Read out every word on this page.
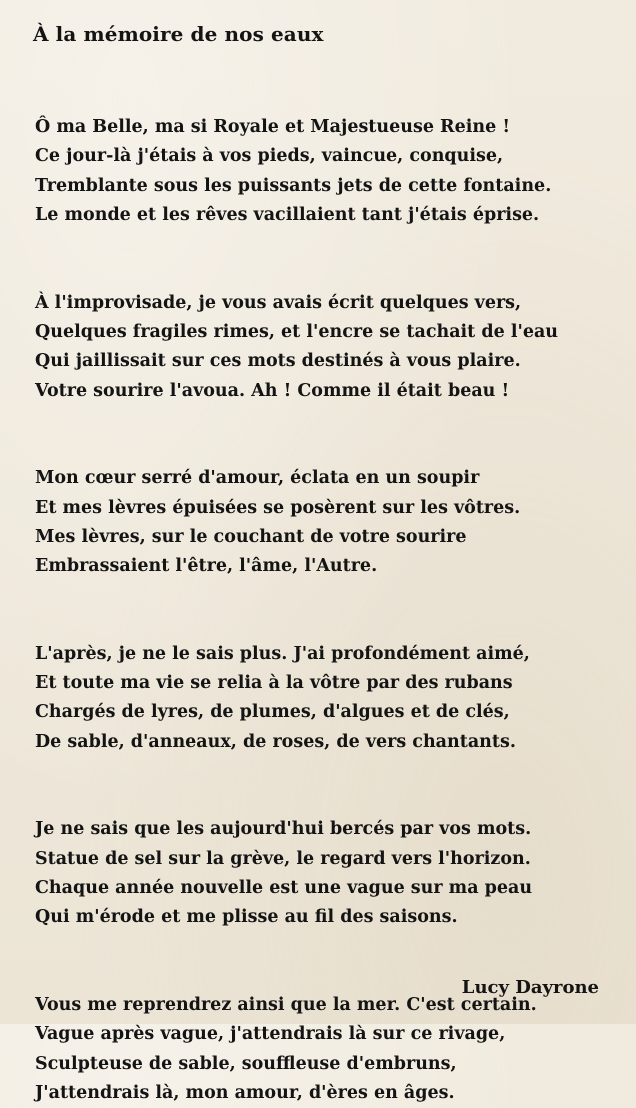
À la mémoire de nos eaux
Ô ma Belle, ma si Royale et Majestueuse Reine !
Ce jour-là j'étais à vos pieds, vaincue, conquise,
Tremblante sous les puissants jets de cette fontaine.
Le monde et les rêves vacillaient tant j'étais éprise.
À l'improvisade, je vous avais écrit quelques vers,
Quelques fragiles rimes, et l'encre se tachait de l'eau
Qui jaillissait sur ces mots destinés à vous plaire.
Votre sourire l'avoua. Ah ! Comme il était beau !
Mon cœur serré d'amour, éclata en un soupir
Et mes lèvres épuisées se posèrent sur les vôtres.
Mes lèvres, sur le couchant de votre sourire
Embrassaient l'être, l'âme, l'Autre.
L'après, je ne le sais plus. J'ai profondément aimé,
Et toute ma vie se relia à la vôtre par des rubans
Chargés de lyres, de plumes, d'algues et de clés,
De sable, d'anneaux, de roses, de vers chantants.
Je ne sais que les aujourd'hui bercés par vos mots.
Statue de sel sur la grève, le regard vers l'horizon.
Chaque année nouvelle est une vague sur ma peau
Qui m'érode et me plisse au fil des saisons.
Vous me reprendrez ainsi que la mer. C'est certain.
Vague après vague, j'attendrais là sur ce rivage,
Sculpteuse de sable, souffleuse d'embruns,
J'attendrais là, mon amour, d'ères en âges.
Lucy Dayrone
